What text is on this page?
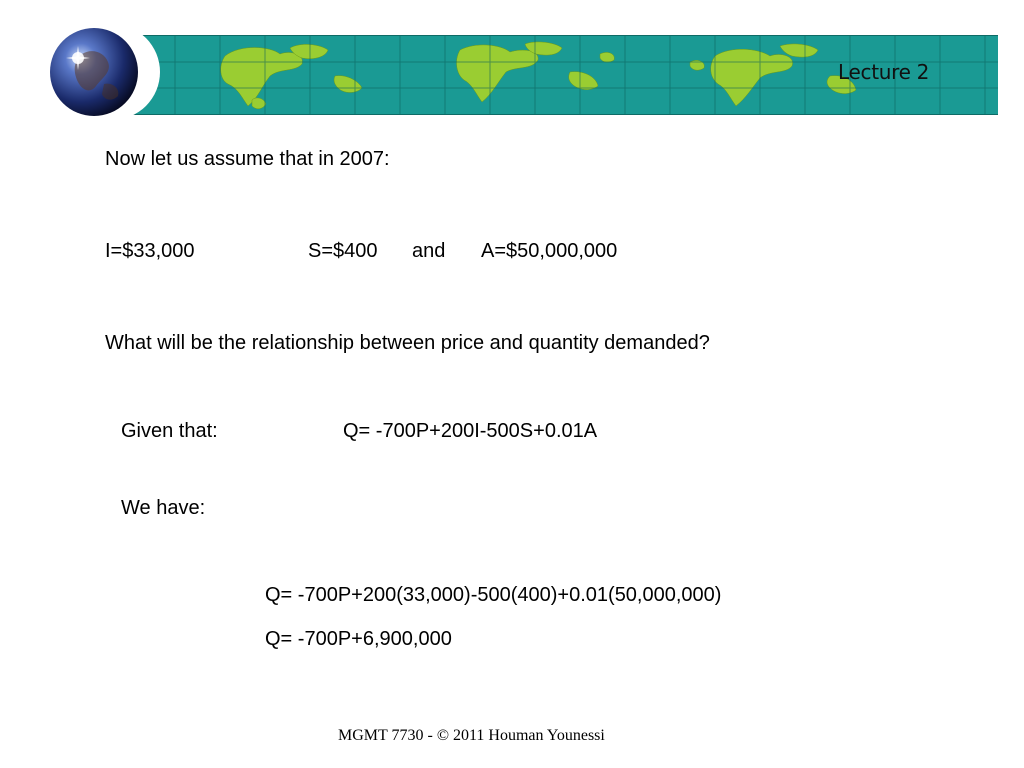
Lecture 2
Now let us assume that in 2007:
I=$33,000	S=$400 and A=$50,000,000
What will be the relationship between price and quantity demanded?
Given that:	Q= -700P+200I-500S+0.01A
We have:
Q= -700P+200(33,000)-500(400)+0.01(50,000,000)
Q= -700P+6,900,000
MGMT 7730 - © 2011 Houman Younessi
